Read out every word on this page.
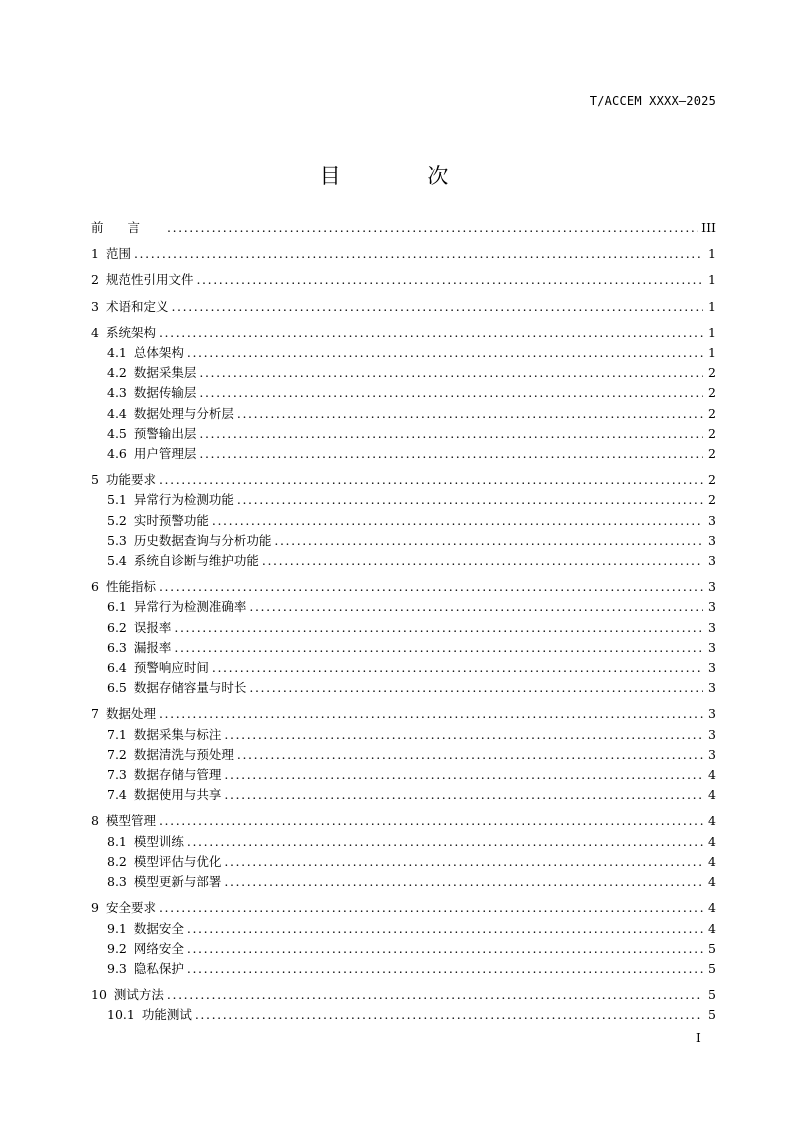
T/ACCEM XXXX—2025
目 次
前言 .....	III
1 范围 .....	1
2 规范性引用文件 .....	1
3 术语和定义 .....	1
4 系统架构 .....	1
4.1 总体架构 .....	1
4.2 数据采集层 .....	2
4.3 数据传输层 .....	2
4.4 数据处理与分析层 .....	2
4.5 预警输出层 .....	2
4.6 用户管理层 .....	2
5 功能要求 .....	2
5.1 异常行为检测功能 .....	2
5.2 实时预警功能 .....	3
5.3 历史数据查询与分析功能 .....	3
5.4 系统自诊断与维护功能 .....	3
6 性能指标 .....	3
6.1 异常行为检测准确率 .....	3
6.2 误报率 .....	3
6.3 漏报率 .....	3
6.4 预警响应时间 .....	3
6.5 数据存储容量与时长 .....	3
7 数据处理 .....	3
7.1 数据采集与标注 .....	3
7.2 数据清洗与预处理 .....	3
7.3 数据存储与管理 .....	4
7.4 数据使用与共享 .....	4
8 模型管理 .....	4
8.1 模型训练 .....	4
8.2 模型评估与优化 .....	4
8.3 模型更新与部署 .....	4
9 安全要求 .....	4
9.1 数据安全 .....	4
9.2 网络安全 .....	5
9.3 隐私保护 .....	5
10 测试方法 .....	5
10.1 功能测试 .....	5
I
